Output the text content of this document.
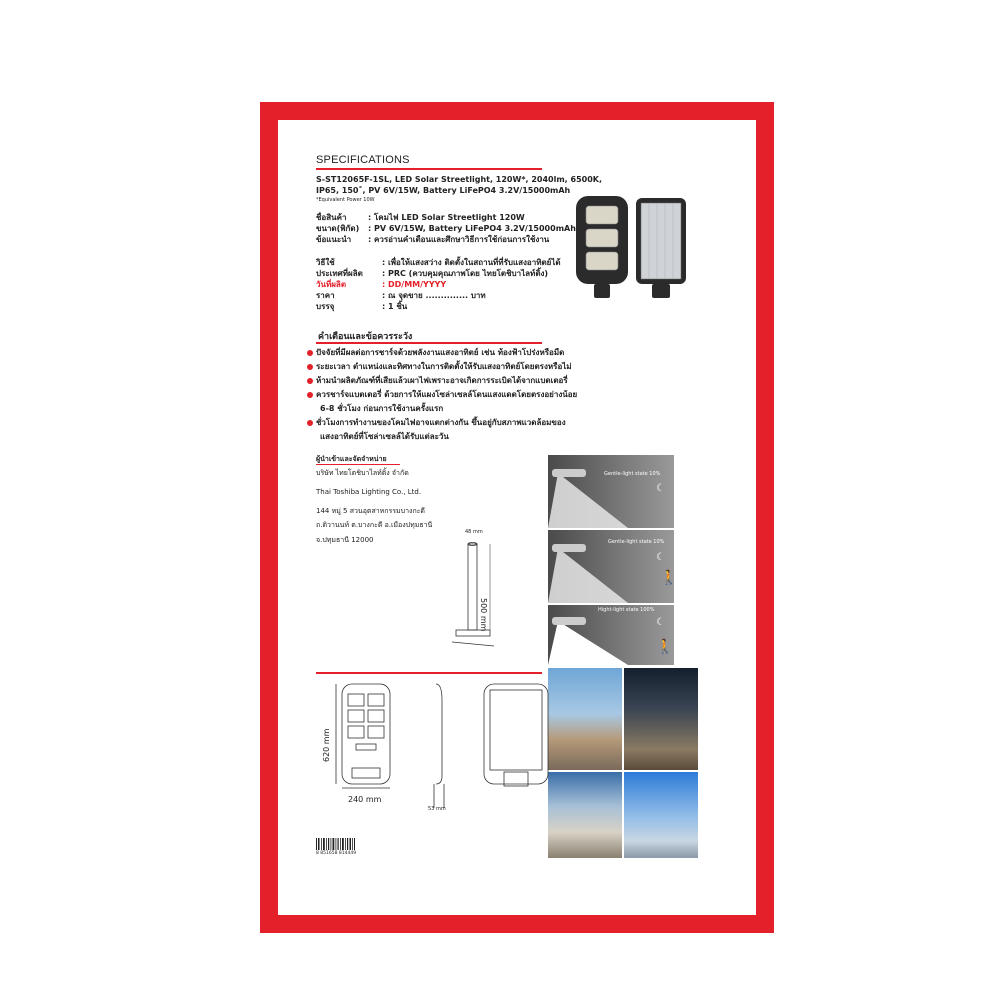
SPECIFICATIONS
S-ST12065F-1SL, LED Solar Streetlight, 120W*, 2040lm, 6500K,
IP65, 150˚, PV 6V/15W, Battery LiFePO4 3.2V/15000mAh
*Equivalent Power 10W
ชื่อสินค้า	: โคมไฟ LED Solar Streetlight 120W
ขนาด(พิกัด) : PV 6V/15W, Battery LiFePO4 3.2V/15000mAh
ข้อแนะนำ : ควรอ่านคำเตือนและศึกษาวิธีการใช้ก่อนการใช้งาน
วิธีใช้	: เพื่อให้แสงสว่าง ติดตั้งในสถานที่ที่รับแสงอาทิตย์ได้
ประเทศที่ผลิต : PRC (ควบคุมคุณภาพโดย ไทยโตชิบาไลท์ติ้ง)
วันที่ผลิต	: DD/MM/YYYY
ราคา	: ณ จุดขาย .............. บาท
บรรจุ	: 1 ชิ้น
คำเตือนและข้อควรระวัง
ปัจจัยที่มีผลต่อการชาร์จด้วยพลังงานแสงอาทิตย์ เช่น ท้องฟ้าโปร่งหรือมืด
ระยะเวลา ตำแหน่งและทิศทางในการติดตั้งให้รับแสงอาทิตย์โดยตรงหรือไม่
ห้ามนำผลิตภัณฑ์ที่เสียแล้วเผาไฟเพราะอาจเกิดการระเบิดได้จากแบตเตอรี่
ควรชาร์จแบตเตอรี่ ด้วยการให้แผงโซล่าเซลล์โดนแสงแดดโดยตรงอย่างน้อย
6-8 ชั่วโมง ก่อนการใช้งานครั้งแรก
ชั่วโมงการทำงานของโคมไฟอาจแตกต่างกัน ขึ้นอยู่กับสภาพแวดล้อมของ
แสงอาทิตย์ที่โซล่าเซลล์ได้รับแต่ละวัน
ผู้นำเข้าและจัดจำหน่าย
บริษัท ไทยโตชิบาไลท์ติ้ง จำกัด
Thai Toshiba Lighting Co., Ltd.
144 หมู่ 5 สวนอุตสาหกรรมบางกะดี
ถ.ติวานนท์ ต.บางกะดี อ.เมืองปทุมธานี
จ.ปทุมธานี 12000
48 mm
500 mm
Gentle-light state 10%
☾
Gentle-light state 10%
☾
🚶
Hight-light state 100%
☾
🚶
620 mm
240 mm
53 mm
8 851658 814449
